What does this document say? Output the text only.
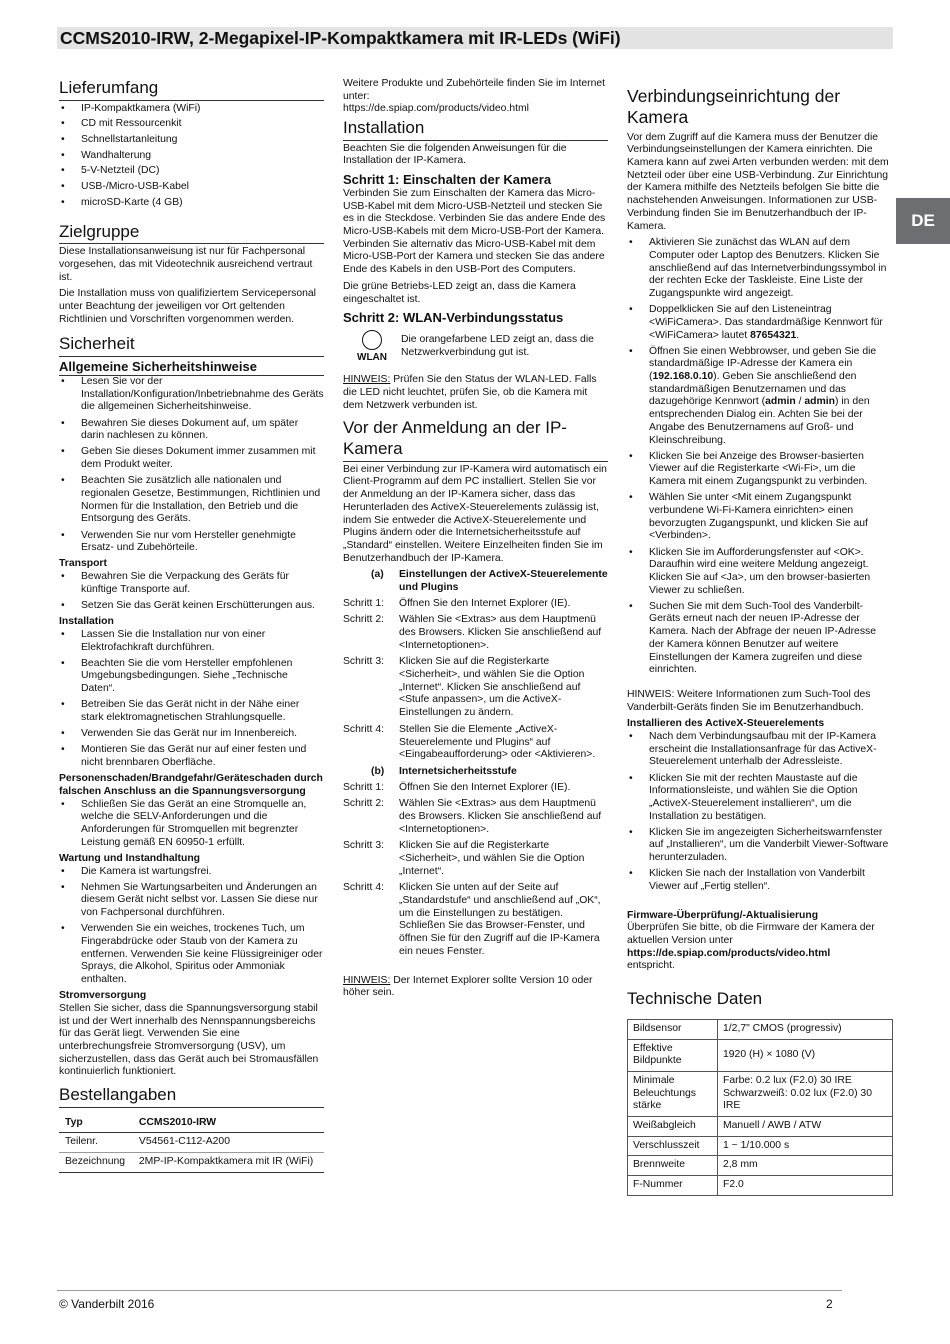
CCMS2010-IRW, 2-Megapixel-IP-Kompaktkamera mit IR-LEDs (WiFi)
DE
Lieferumfang
• IP-Kompaktkamera (WiFi)
• CD mit Ressourcenkit
• Schnellstartanleitung
• Wandhalterung
• 5-V-Netzteil (DC)
• USB-/Micro-USB-Kabel
• microSD-Karte (4 GB)
Zielgruppe

Diese Installationsanweisung ist nur für Fachpersonal vorgesehen, das mit Videotechnik ausreichend vertraut ist.

Die Installation muss von qualifiziertem Servicepersonal unter Beachtung der jeweiligen vor Ort geltenden Richtlinien und Vorschriften vorgenommen werden.

Sicherheit
Allgemeine Sicherheitshinweise
• Lesen Sie vor der Installation/Konfiguration/Inbetriebnahme des Geräts die allgemeinen Sicherheitshinweise.
• Bewahren Sie dieses Dokument auf, um später darin nachlesen zu können.
• Geben Sie dieses Dokument immer zusammen mit dem Produkt weiter.
• Beachten Sie zusätzlich alle nationalen und regionalen Gesetze, Bestimmungen, Richtlinien und Normen für die Installation, den Betrieb und die Entsorgung des Geräts.
• Verwenden Sie nur vom Hersteller genehmigte Ersatz- und Zubehörteile.
Transport
• Bewahren Sie die Verpackung des Geräts für künftige Transporte auf.
• Setzen Sie das Gerät keinen Erschütterungen aus.
Installation
• Lassen Sie die Installation nur von einer Elektrofachkraft durchführen.
• Beachten Sie die vom Hersteller empfohlenen Umgebungsbedingungen. Siehe „Technische Daten“.
• Betreiben Sie das Gerät nicht in der Nähe einer stark elektromagnetischen Strahlungsquelle.
• Verwenden Sie das Gerät nur im Innenbereich.
• Montieren Sie das Gerät nur auf einer festen und nicht brennbaren Oberfläche.
Personenschaden/Brandgefahr/Geräteschaden durch falschen Anschluss an die Spannungsversorgung
• Schließen Sie das Gerät an eine Stromquelle an, welche die SELV-Anforderungen und die Anforderungen für Stromquellen mit begrenzter Leistung gemäß EN 60950-1 erfüllt.
Wartung und Instandhaltung
• Die Kamera ist wartungsfrei.
• Nehmen Sie Wartungsarbeiten und Änderungen an diesem Gerät nicht selbst vor. Lassen Sie diese nur von Fachpersonal durchführen.
• Verwenden Sie ein weiches, trockenes Tuch, um Fingerabdrücke oder Staub von der Kamera zu entfernen. Verwenden Sie keine Flüssigreiniger oder Sprays, die Alkohol, Spiritus oder Ammoniak enthalten.
Stromversorgung

Stellen Sie sicher, dass die Spannungsversorgung stabil ist und der Wert innerhalb des Nennspannungsbereichs für das Gerät liegt. Verwenden Sie eine unterbrechungsfreie Stromversorgung (USV), um sicherzustellen, dass das Gerät auch bei Stromausfällen kontinuierlich funktioniert.

Bestellangaben
Typ	CCMS2010-IRW
Teilenr.	V54561-C112-A200
Bezeichnung	2MP-IP-Kompaktkamera mit IR (WiFi)

Weitere Produkte und Zubehörteile finden Sie im Internet unter:
https://de.spiap.com/products/video.html

Installation

Beachten Sie die folgenden Anweisungen für die Installation der IP-Kamera.

Schritt 1: Einschalten der Kamera

Verbinden Sie zum Einschalten der Kamera das Micro-USB-Kabel mit dem Micro-USB-Netzteil und stecken Sie es in die Steckdose. Verbinden Sie das andere Ende des Micro-USB-Kabels mit dem Micro-USB-Port der Kamera. Verbinden Sie alternativ das Micro-USB-Kabel mit dem Micro-USB-Port der Kamera und stecken Sie das andere Ende des Kabels in den USB-Port des Computers.

Die grüne Betriebs-LED zeigt an, dass die Kamera eingeschaltet ist.

Schritt 2: WLAN-Verbindungsstatus
WLAN
Die orangefarbene LED zeigt an, dass die Netzwerkverbindung gut ist.

HINWEIS: Prüfen Sie den Status der WLAN-LED. Falls die LED nicht leuchtet, prüfen Sie, ob die Kamera mit dem Netzwerk verbunden ist.

Vor der Anmeldung an der IP-Kamera

Bei einer Verbindung zur IP-Kamera wird automatisch ein Client-Programm auf dem PC installiert. Stellen Sie vor der Anmeldung an der IP-Kamera sicher, dass das Herunterladen des ActiveX-Steuerelements zulässig ist, indem Sie entweder die ActiveX-Steuerelemente und Plugins ändern oder die Internetsicherheitsstufe auf „Standard“ einstellen. Weitere Einzelheiten finden Sie im Benutzerhandbuch der IP-Kamera.

(a)	Einstellungen der ActiveX-Steuerelemente und Plugins
Schritt 1:	Öffnen Sie den Internet Explorer (IE).
Schritt 2:	Wählen Sie <Extras> aus dem Hauptmenü des Browsers. Klicken Sie anschließend auf <Internetoptionen>.
Schritt 3:	Klicken Sie auf die Registerkarte <Sicherheit>, und wählen Sie die Option „Internet“. Klicken Sie anschließend auf <Stufe anpassen>, um die ActiveX-Einstellungen zu ändern.
Schritt 4:	Stellen Sie die Elemente „ActiveX-Steuerelemente und Plugins“ auf <Eingabeaufforderung> oder <Aktivieren>.
(b)	Internetsicherheitsstufe
Schritt 1:	Öffnen Sie den Internet Explorer (IE).
Schritt 2:	Wählen Sie <Extras> aus dem Hauptmenü des Browsers. Klicken Sie anschließend auf <Internetoptionen>.
Schritt 3:	Klicken Sie auf die Registerkarte <Sicherheit>, und wählen Sie die Option „Internet“.
Schritt 4:	Klicken Sie unten auf der Seite auf „Standardstufe“ und anschließend auf „OK“, um die Einstellungen zu bestätigen. Schließen Sie das Browser-Fenster, und öffnen Sie für den Zugriff auf die IP-Kamera ein neues Fenster.

HINWEIS: Der Internet Explorer sollte Version 10 oder höher sein.

Verbindungseinrichtung der Kamera

Vor dem Zugriff auf die Kamera muss der Benutzer die Verbindungseinstellungen der Kamera einrichten. Die Kamera kann auf zwei Arten verbunden werden: mit dem Netzteil oder über eine USB-Verbindung. Zur Einrichtung der Kamera mithilfe des Netzteils befolgen Sie bitte die nachstehenden Anweisungen. Informationen zur USB-Verbindung finden Sie im Benutzerhandbuch der IP-Kamera.

• Aktivieren Sie zunächst das WLAN auf dem Computer oder Laptop des Benutzers. Klicken Sie anschließend auf das Internetverbindungssymbol in der rechten Ecke der Taskleiste. Eine Liste der Zugangspunkte wird angezeigt.
• Doppelklicken Sie auf den Listeneintrag <WiFiCamera>. Das standardmäßige Kennwort für <WiFiCamera> lautet 87654321.
• Öffnen Sie einen Webbrowser, und geben Sie die standardmäßige IP-Adresse der Kamera ein (192.168.0.10). Geben Sie anschließend den standardmäßigen Benutzernamen und das dazugehörige Kennwort (admin / admin) in den entsprechenden Dialog ein. Achten Sie bei der Angabe des Benutzernamens auf Groß- und Kleinschreibung.
• Klicken Sie bei Anzeige des Browser-basierten Viewer auf die Registerkarte <Wi-Fi>, um die Kamera mit einem Zugangspunkt zu verbinden.
• Wählen Sie unter <Mit einem Zugangspunkt verbundene Wi-Fi-Kamera einrichten> einen bevorzugten Zugangspunkt, und klicken Sie auf <Verbinden>.
• Klicken Sie im Aufforderungsfenster auf <OK>. Daraufhin wird eine weitere Meldung angezeigt. Klicken Sie auf <Ja>, um den browser-basierten Viewer zu schließen.
• Suchen Sie mit dem Such-Tool des Vanderbilt-Geräts erneut nach der neuen IP-Adresse der Kamera. Nach der Abfrage der neuen IP-Adresse der Kamera können Benutzer auf weitere Einstellungen der Kamera zugreifen und diese einrichten.

HINWEIS: Weitere Informationen zum Such-Tool des Vanderbilt-Geräts finden Sie im Benutzerhandbuch.

Installieren des ActiveX-Steuerelements
• Nach dem Verbindungsaufbau mit der IP-Kamera erscheint die Installationsanfrage für das ActiveX-Steuerelement unterhalb der Adressleiste.
• Klicken Sie mit der rechten Maustaste auf die Informationsleiste, und wählen Sie die Option „ActiveX-Steuerelement installieren“, um die Installation zu bestätigen.
• Klicken Sie im angezeigten Sicherheitswarnfenster auf „Installieren“, um die Vanderbilt Viewer-Software herunterzuladen.
• Klicken Sie nach der Installation von Vanderbilt Viewer auf „Fertig stellen“.
Firmware-Überprüfung/-Aktualisierung

Überprüfen Sie bitte, ob die Firmware der Kamera der aktuellen Version unter
https://de.spiap.com/products/video.html
entspricht.

Technische Daten
Bildsensor	1/2,7" CMOS (progressiv)
Effektive Bildpunkte	1920 (H) × 1080 (V)
Minimale Beleuchtungs stärke	Farbe: 0.2 lux (F2.0) 30 IRE Schwarzweiß: 0.02 lux (F2.0) 30 IRE
Weißabgleich	Manuell / AWB / ATW
Verschlusszeit	1 ~ 1/10.000 s
Brennweite	2,8 mm
F-Nummer	F2.0
© Vanderbilt 2016	2
